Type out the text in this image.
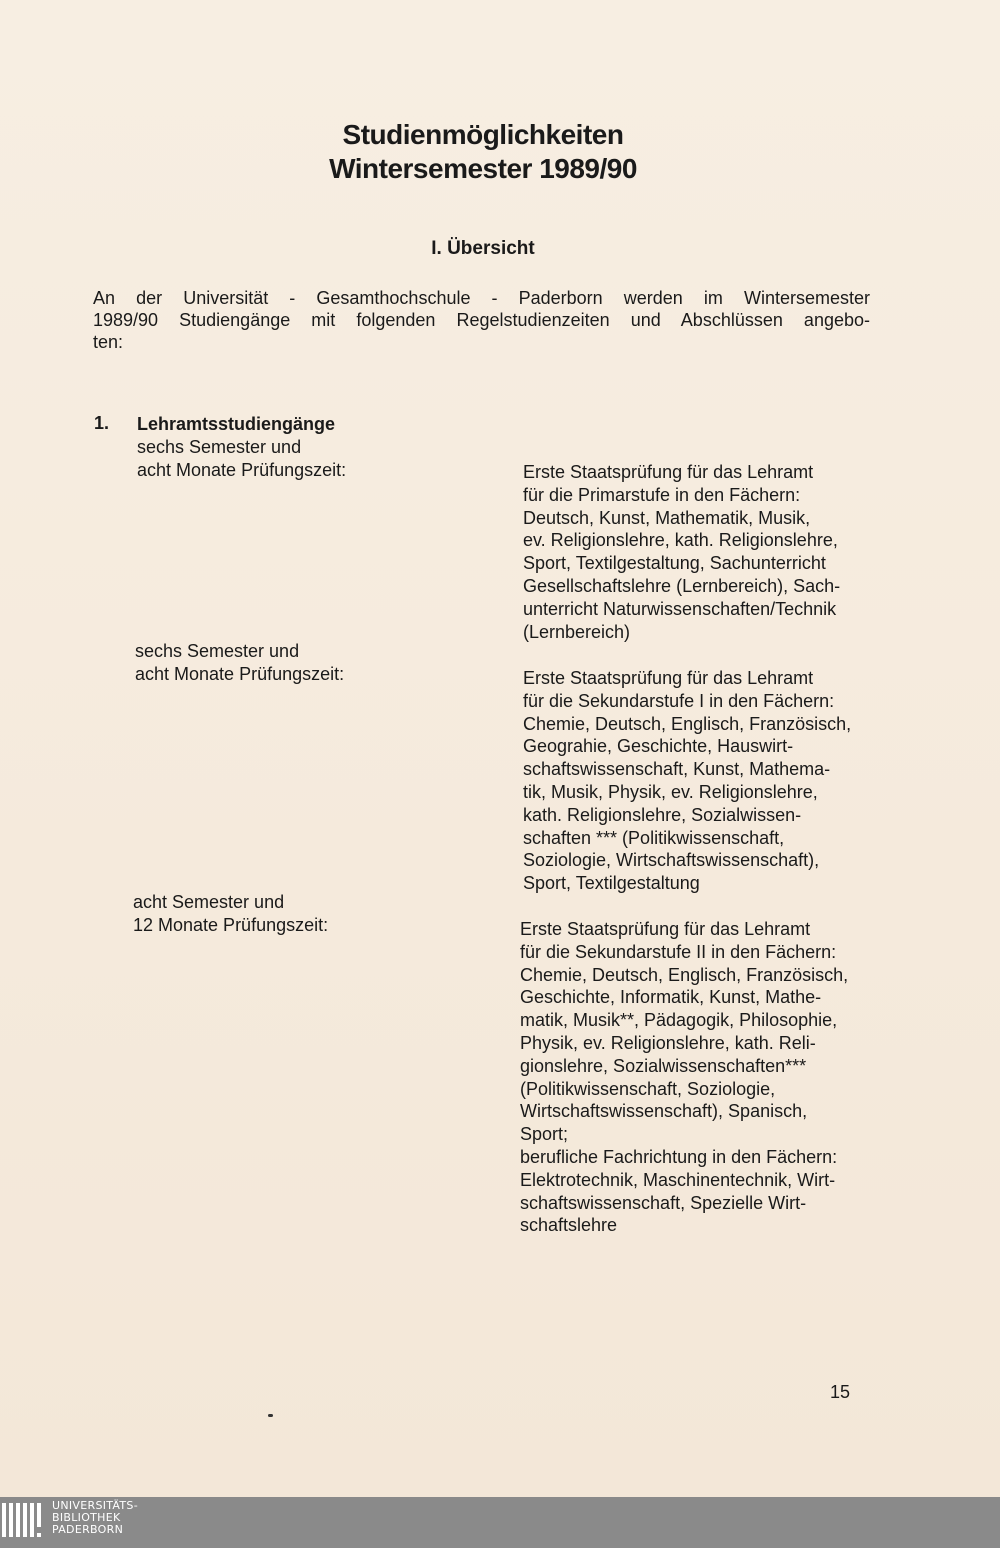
Studienmöglichkeiten
Wintersemester 1989/90
I. Übersicht
An der Universität - Gesamthochschule - Paderborn werden im Wintersemester
1989/90 Studiengänge mit folgenden Regelstudienzeiten und Abschlüssen angebo-
ten:
1. Lehramtsstudiengänge
sechs Semester und
acht Monate Prüfungszeit:	Erste Staatsprüfung für das Lehramt
für die Primarstufe in den Fächern:
Deutsch, Kunst, Mathematik, Musik,
ev. Religionslehre, kath. Religionslehre,
Sport, Textilgestaltung, Sachunterricht
Gesellschaftslehre (Lernbereich), Sach-
unterricht Naturwissenschaften/Technik
(Lernbereich)
sechs Semester und
acht Monate Prüfungszeit:	Erste Staatsprüfung für das Lehramt
für die Sekundarstufe I in den Fächern:
Chemie, Deutsch, Englisch, Französisch,
Geograhie, Geschichte, Hauswirt-
schaftswissenschaft, Kunst, Mathema-
tik, Musik, Physik, ev. Religionslehre,
kath. Religionslehre, Sozialwissen-
schaften *** (Politikwissenschaft,
Soziologie, Wirtschaftswissenschaft),
Sport, Textilgestaltung
acht Semester und
12 Monate Prüfungszeit:	Erste Staatsprüfung für das Lehramt
für die Sekundarstufe II in den Fächern:
Chemie, Deutsch, Englisch, Französisch,
Geschichte, Informatik, Kunst, Mathe-
matik, Musik**, Pädagogik, Philosophie,
Physik, ev. Religionslehre, kath. Reli-
gionslehre, Sozialwissenschaften***
(Politikwissenschaft, Soziologie,
Wirtschaftswissenschaft), Spanisch,
Sport;
berufliche Fachrichtung in den Fächern:
Elektrotechnik, Maschinentechnik, Wirt-
schaftswissenschaft, Spezielle Wirt-
schaftslehre
15
UNIVERSITÄTS-
BIBLIOTHEK
PADERBORN
